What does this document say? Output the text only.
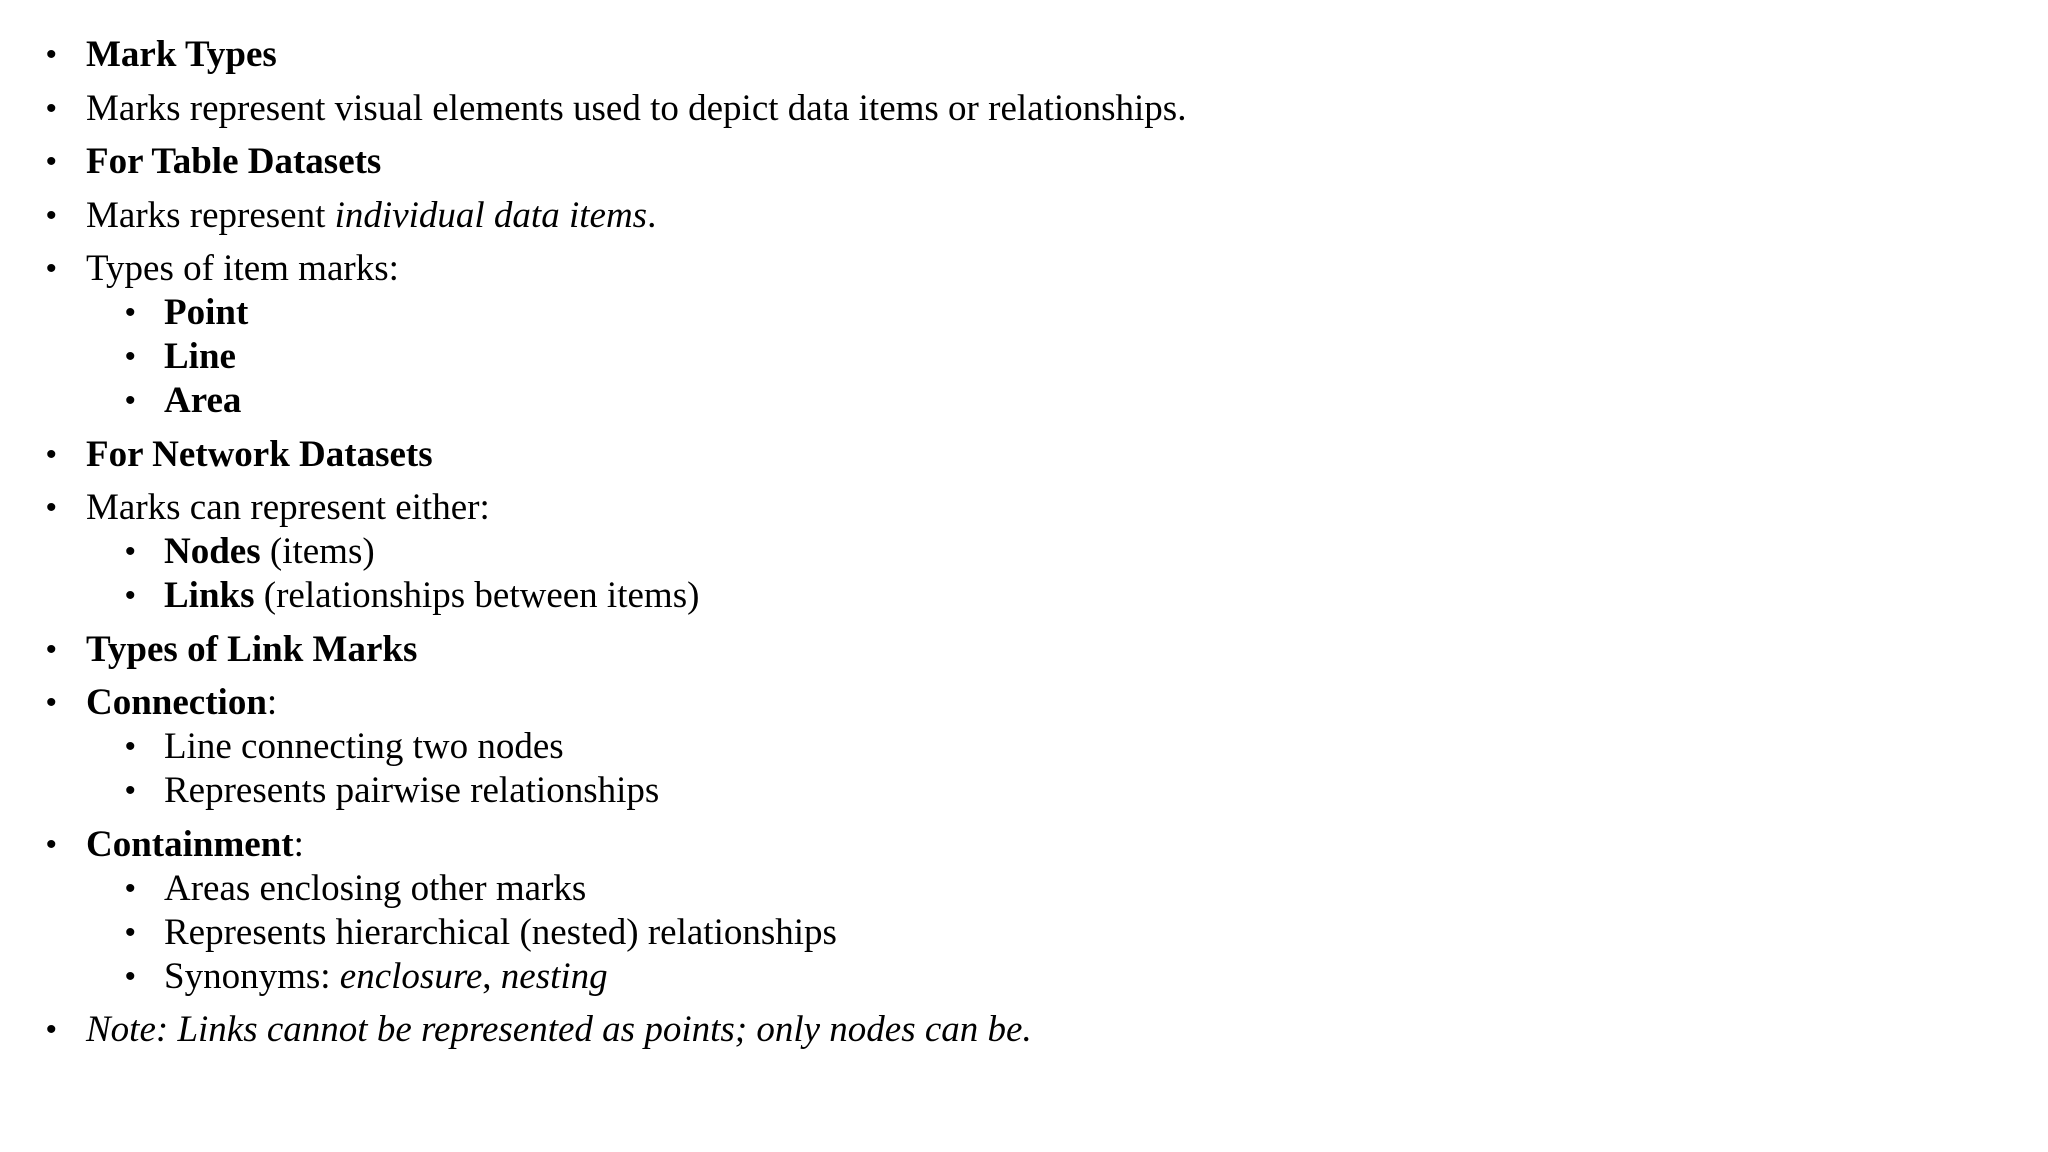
• Mark Types
• Marks represent visual elements used to depict data items or relationships.
• For Table Datasets
• Marks represent individual data items.
• Types of item marks:
• Point
• Line
• Area
• For Network Datasets
• Marks can represent either:
• Nodes (items)
• Links (relationships between items)
• Types of Link Marks
• Connection:
• Line connecting two nodes
• Represents pairwise relationships
• Containment:
• Areas enclosing other marks
• Represents hierarchical (nested) relationships
• Synonyms: enclosure, nesting
• Note: Links cannot be represented as points; only nodes can be.
